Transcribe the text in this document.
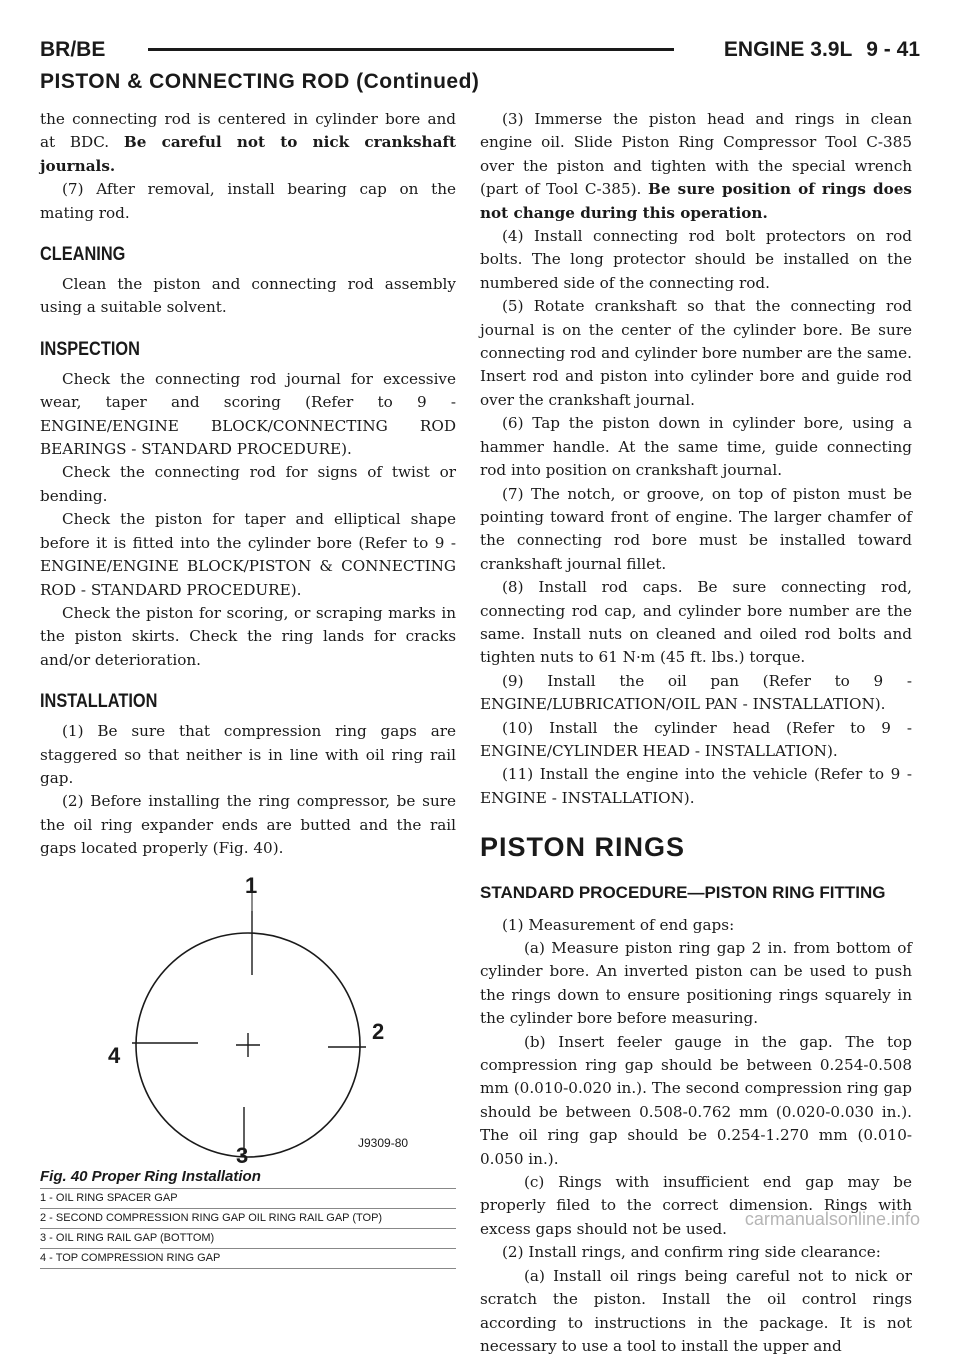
BR/BE	ENGINE 3.9L 9 - 41
PISTON & CONNECTING ROD (Continued)

the connecting rod is centered in cylinder bore and at BDC. Be careful not to nick crankshaft journals.

(7) After removal, install bearing cap on the mating rod.

CLEANING

Clean the piston and connecting rod assembly using a suitable solvent.

INSPECTION

Check the connecting rod journal for excessive wear, taper and scoring (Refer to 9 - ENGINE/ENGINE BLOCK/CONNECTING ROD BEARINGS - STANDARD PROCEDURE).

Check the connecting rod for signs of twist or bending.

Check the piston for taper and elliptical shape before it is fitted into the cylinder bore (Refer to 9 - ENGINE/ENGINE BLOCK/PISTON & CONNECTING ROD - STANDARD PROCEDURE).

Check the piston for scoring, or scraping marks in the piston skirts. Check the ring lands for cracks and/or deterioration.

INSTALLATION

(1) Be sure that compression ring gaps are staggered so that neither is in line with oil ring rail gap.

(2) Before installing the ring compressor, be sure the oil ring expander ends are butted and the rail gaps located properly (Fig. 40).

1
2
3
4
J9309-80

Fig. 40 Proper Ring Installation

1 - OIL RING SPACER GAP
2 - SECOND COMPRESSION RING GAP OIL RING RAIL GAP (TOP)
3 - OIL RING RAIL GAP (BOTTOM)
4 - TOP COMPRESSION RING GAP

(3) Immerse the piston head and rings in clean engine oil. Slide Piston Ring Compressor Tool C-385 over the piston and tighten with the special wrench (part of Tool C-385). Be sure position of rings does not change during this operation.

(4) Install connecting rod bolt protectors on rod bolts. The long protector should be installed on the numbered side of the connecting rod.

(5) Rotate crankshaft so that the connecting rod journal is on the center of the cylinder bore. Be sure connecting rod and cylinder bore number are the same. Insert rod and piston into cylinder bore and guide rod over the crankshaft journal.

(6) Tap the piston down in cylinder bore, using a hammer handle. At the same time, guide connecting rod into position on crankshaft journal.

(7) The notch, or groove, on top of piston must be pointing toward front of engine. The larger chamfer of the connecting rod bore must be installed toward crankshaft journal fillet.

(8) Install rod caps. Be sure connecting rod, connecting rod cap, and cylinder bore number are the same. Install nuts on cleaned and oiled rod bolts and tighten nuts to 61 N·m (45 ft. lbs.) torque.

(9) Install the oil pan (Refer to 9 - ENGINE/LUBRICATION/OIL PAN - INSTALLATION).

(10) Install the cylinder head (Refer to 9 - ENGINE/CYLINDER HEAD - INSTALLATION).

(11) Install the engine into the vehicle (Refer to 9 - ENGINE - INSTALLATION).

PISTON RINGS
STANDARD PROCEDURE—PISTON RING FITTING

(1) Measurement of end gaps:

(a) Measure piston ring gap 2 in. from bottom of cylinder bore. An inverted piston can be used to push the rings down to ensure positioning rings squarely in the cylinder bore before measuring.

(b) Insert feeler gauge in the gap. The top compression ring gap should be between 0.254-0.508 mm (0.010-0.020 in.). The second compression ring gap should be between 0.508-0.762 mm (0.020-0.030 in.). The oil ring gap should be 0.254-1.270 mm (0.010-0.050 in.).

(c) Rings with insufficient end gap may be properly filed to the correct dimension. Rings with excess gaps should not be used.

(2) Install rings, and confirm ring side clearance:

(a) Install oil rings being careful not to nick or scratch the piston. Install the oil control rings according to instructions in the package. It is not necessary to use a tool to install the upper and

carmanualsonline.info
